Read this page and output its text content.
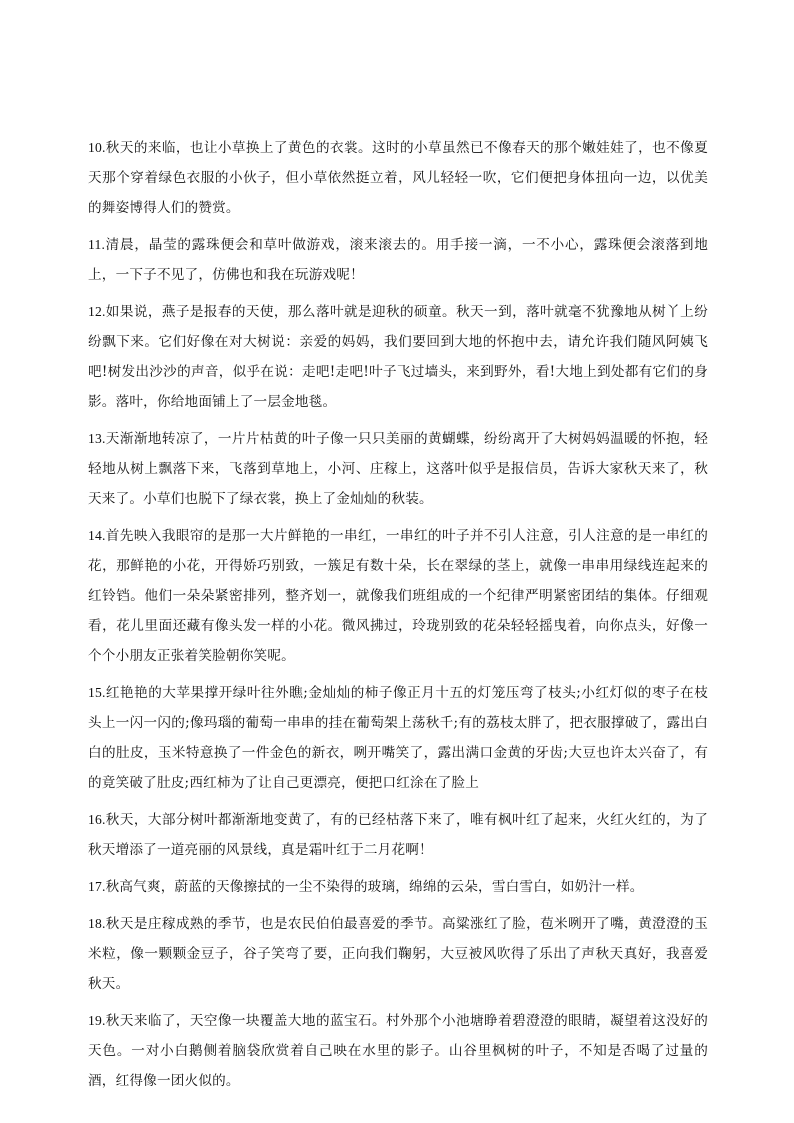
10.秋天的来临，也让小草换上了黄色的衣裳。这时的小草虽然已不像春天的那个嫩娃娃了，也不像夏天那个穿着绿色衣服的小伙子，但小草依然挺立着，风儿轻轻一吹，它们便把身体扭向一边，以优美的舞姿博得人们的赞赏。

11.清晨，晶莹的露珠便会和草叶做游戏，滚来滚去的。用手接一滴，一不小心，露珠便会滚落到地上，一下子不见了，仿佛也和我在玩游戏呢！

12.如果说，燕子是报春的天使，那么落叶就是迎秋的硕童。秋天一到，落叶就毫不犹豫地从树丫上纷纷飘下来。它们好像在对大树说：亲爱的妈妈，我们要回到大地的怀抱中去，请允许我们随风阿姨飞吧!树发出沙沙的声音，似乎在说：走吧!走吧!叶子飞过墙头，来到野外，看!大地上到处都有它们的身影。落叶，你给地面铺上了一层金地毯。

13.天渐渐地转凉了，一片片枯黄的叶子像一只只美丽的黄蝴蝶，纷纷离开了大树妈妈温暖的怀抱，轻轻地从树上飘落下来，飞落到草地上，小河、庄稼上，这落叶似乎是报信员，告诉大家秋天来了，秋天来了。小草们也脱下了绿衣裳，换上了金灿灿的秋装。

14.首先映入我眼帘的是那一大片鲜艳的一串红，一串红的叶子并不引人注意，引人注意的是一串红的花，那鲜艳的小花，开得娇巧别致，一簇足有数十朵，长在翠绿的茎上，就像一串串用绿线连起来的红铃铛。他们一朵朵紧密排列，整齐划一，就像我们班组成的一个纪律严明紧密团结的集体。仔细观看，花儿里面还藏有像头发一样的小花。微风拂过，玲珑别致的花朵轻轻摇曳着，向你点头，好像一个个小朋友正张着笑脸朝你笑呢。

15.红艳艳的大苹果撑开绿叶往外瞧;金灿灿的柿子像正月十五的灯笼压弯了枝头;小红灯似的枣子在枝头上一闪一闪的;像玛瑙的葡萄一串串的挂在葡萄架上荡秋千;有的荔枝太胖了，把衣服撑破了，露出白白的肚皮，玉米特意换了一件金色的新衣，咧开嘴笑了，露出满口金黄的牙齿;大豆也许太兴奋了，有的竟笑破了肚皮;西红柿为了让自己更漂亮，便把口红涂在了脸上

16.秋天，大部分树叶都渐渐地变黄了，有的已经枯落下来了，唯有枫叶红了起来，火红火红的，为了秋天增添了一道亮丽的风景线，真是霜叶红于二月花啊！

17.秋高气爽，蔚蓝的天像擦拭的一尘不染得的玻璃，绵绵的云朵，雪白雪白，如奶汁一样。

18.秋天是庄稼成熟的季节，也是农民伯伯最喜爱的季节。高粱涨红了脸，苞米咧开了嘴，黄澄澄的玉米粒，像一颗颗金豆子，谷子笑弯了要，正向我们鞠躬，大豆被风吹得了乐出了声秋天真好，我喜爱秋天。

19.秋天来临了，天空像一块覆盖大地的蓝宝石。村外那个小池塘睁着碧澄澄的眼睛，凝望着这没好的天色。一对小白鹅侧着脑袋欣赏着自己映在水里的影子。山谷里枫树的叶子，不知是否喝了过量的酒，红得像一团火似的。
